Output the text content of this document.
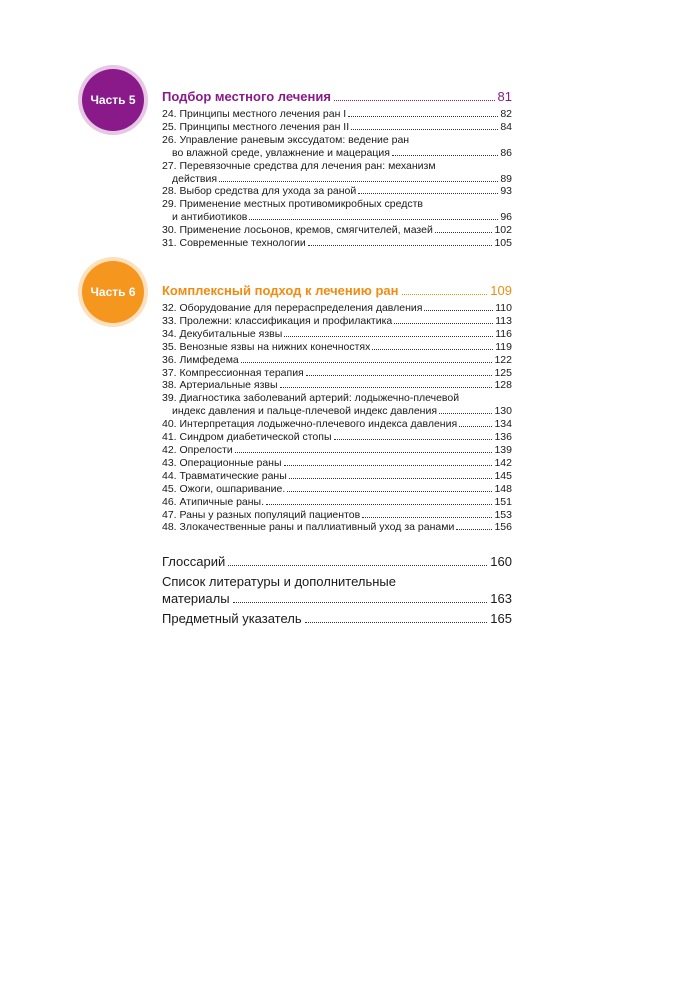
Часть 5 Подбор местного лечения	81
24. Принципы местного лечения ран I	82
25. Принципы местного лечения ран II	84
26. Управление раневым экссудатом: ведение ран
во влажной среде, увлажнение и мацерация	86
27. Перевязочные средства для лечения ран: механизм
действия	89
28. Выбор средства для ухода за раной	93
29. Применение местных противомикробных средств
и антибиотиков	96
30. Применение лосьонов, кремов, смягчителей, мазей	102
31. Современные технологии	105
Часть 6 Комплексный подход к лечению ран	109
32. Оборудование для перераспределения давления	110
33. Пролежни: классификация и профилактика	113
34. Декубитальные язвы	116
35. Венозные язвы на нижних конечностях	119
36. Лимфедема	122
37. Компрессионная терапия	125
38. Артериальные язвы	128
39. Диагностика заболеваний артерий: лодыжечно-плечевой
индекс давления и пальце-плечевой индекс давления	130
40. Интерпретация лодыжечно-плечевого индекса давления	134
41. Синдром диабетической стопы	136
42. Опрелости	139
43. Операционные раны	142
44. Травматические раны	145
45. Ожоги, ошпаривание.	148
46. Атипичные раны.	151
47. Раны у разных популяций пациентов	153
48. Злокачественные раны и паллиативный уход за ранами	156
Глоссарий	160
Список литературы и дополнительные
материалы	163
Предметный указатель	165
